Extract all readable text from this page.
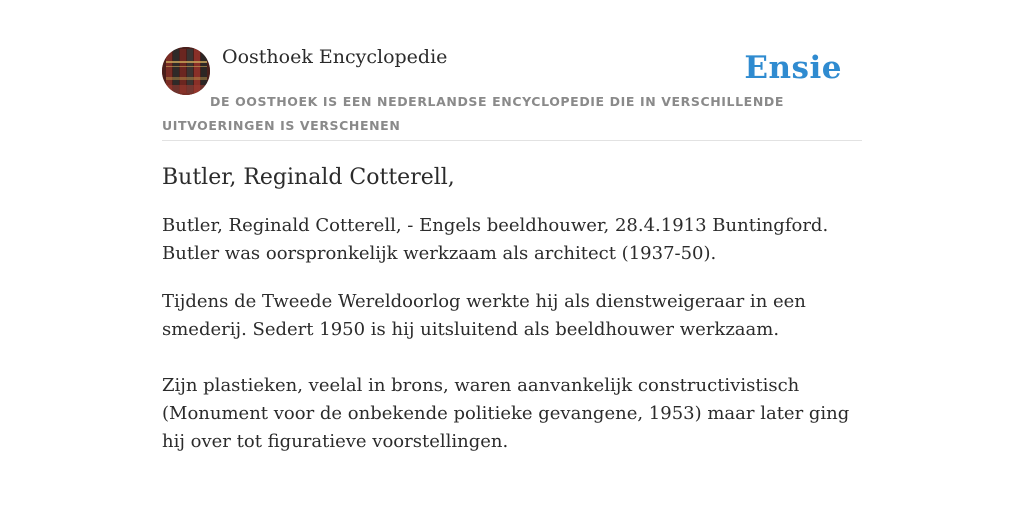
Oosthoek Encyclopedie	Ensie
DE OOSTHOEK IS EEN NEDERLANDSE ENCYCLOPEDIE DIE IN VERSCHILLENDE UITVOERINGEN IS VERSCHENEN
Butler, Reginald Cotterell,

Butler, Reginald Cotterell, - Engels beeldhouwer, 28.4.1913 Buntingford. Butler was oorspronkelijk werkzaam als architect (1937-50).

Tijdens de Tweede Wereldoorlog werkte hij als dienstweigeraar in een smederij. Sedert 1950 is hij uitsluitend als beeldhouwer werkzaam.

Zijn plastieken, veelal in brons, waren aanvankelijk constructivistisch (Monument voor de onbekende politieke gevangene, 1953) maar later ging hij over tot figuratieve voorstellingen.
